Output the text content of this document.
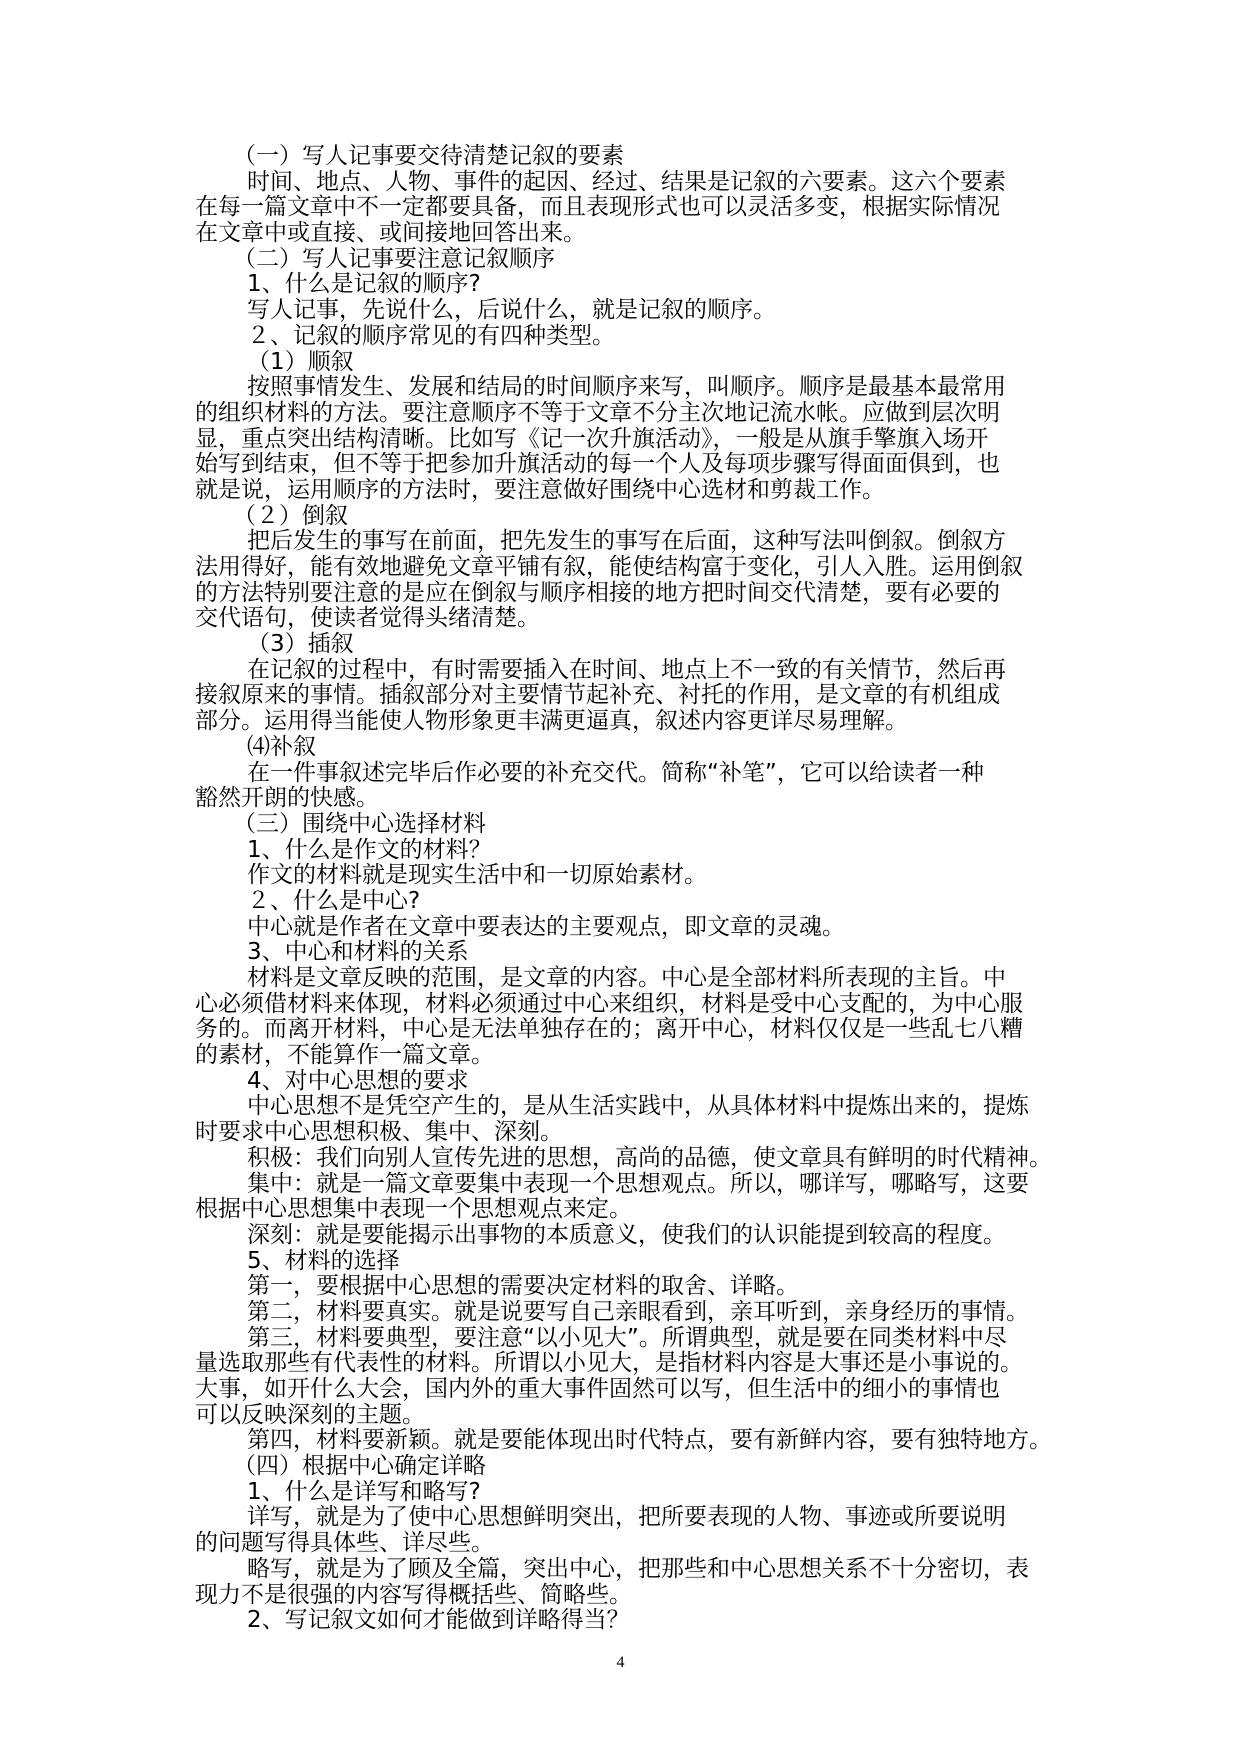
（一）写人记事要交待清楚记叙的要素
时间、地点、人物、事件的起因、经过、结果是记叙的六要素。这六个要素
在每一篇文章中不一定都要具备，而且表现形式也可以灵活多变，根据实际情况
在文章中或直接、或间接地回答出来。
（二）写人记事要注意记叙顺序
1、什么是记叙的顺序?
写人记事，先说什么，后说什么，就是记叙的顺序。
２、记叙的顺序常见的有四种类型。
（1）顺叙
按照事情发生、发展和结局的时间顺序来写，叫顺序。顺序是最基本最常用
的组织材料的方法。要注意顺序不等于文章不分主次地记流水帐。应做到层次明
显，重点突出结构清晰。比如写《记一次升旗活动》，一般是从旗手擎旗入场开
始写到结束，但不等于把参加升旗活动的每一个人及每项步骤写得面面俱到，也
就是说，运用顺序的方法时，要注意做好围绕中心选材和剪裁工作。
（２）倒叙
把后发生的事写在前面，把先发生的事写在后面，这种写法叫倒叙。倒叙方
法用得好，能有效地避免文章平铺有叙，能使结构富于变化，引人入胜。运用倒叙
的方法特别要注意的是应在倒叙与顺序相接的地方把时间交代清楚，要有必要的
交代语句，使读者觉得头绪清楚。
（3）插叙
在记叙的过程中，有时需要插入在时间、地点上不一致的有关情节，然后再
接叙原来的事情。插叙部分对主要情节起补充、衬托的作用，是文章的有机组成
部分。运用得当能使人物形象更丰满更逼真，叙述内容更详尽易理解。
⑷补叙
在一件事叙述完毕后作必要的补充交代。简称“补笔”，它可以给读者一种
豁然开朗的快感。
（三）围绕中心选择材料
1、什么是作文的材料？
作文的材料就是现实生活中和一切原始素材。
２、什么是中心?
中心就是作者在文章中要表达的主要观点，即文章的灵魂。
3、中心和材料的关系
材料是文章反映的范围，是文章的内容。中心是全部材料所表现的主旨。中
心必须借材料来体现，材料必须通过中心来组织，材料是受中心支配的，为中心服
务的。而离开材料，中心是无法单独存在的；离开中心，材料仅仅是一些乱七八糟
的素材，不能算作一篇文章。
4、对中心思想的要求
中心思想不是凭空产生的，是从生活实践中，从具体材料中提炼出来的，提炼
时要求中心思想积极、集中、深刻。
积极：我们向别人宣传先进的思想，高尚的品德，使文章具有鲜明的时代精神。
集中：就是一篇文章要集中表现一个思想观点。所以，哪详写，哪略写，这要
根据中心思想集中表现一个思想观点来定。
深刻：就是要能揭示出事物的本质意义，使我们的认识能提到较高的程度。
5、材料的选择
第一，要根据中心思想的需要决定材料的取舍、详略。
第二，材料要真实。就是说要写自己亲眼看到，亲耳听到，亲身经历的事情。
第三，材料要典型，要注意“以小见大”。所谓典型，就是要在同类材料中尽
量选取那些有代表性的材料。所谓以小见大，是指材料内容是大事还是小事说的。
大事，如开什么大会，国内外的重大事件固然可以写，但生活中的细小的事情也
可以反映深刻的主题。
第四，材料要新颖。就是要能体现出时代特点，要有新鲜内容，要有独特地方。
（四）根据中心确定详略
1、什么是详写和略写?
详写，就是为了使中心思想鲜明突出，把所要表现的人物、事迹或所要说明
的问题写得具体些、详尽些。
略写，就是为了顾及全篇，突出中心，把那些和中心思想关系不十分密切，表
现力不是很强的内容写得概括些、简略些。
2、写记叙文如何才能做到详略得当？
4
